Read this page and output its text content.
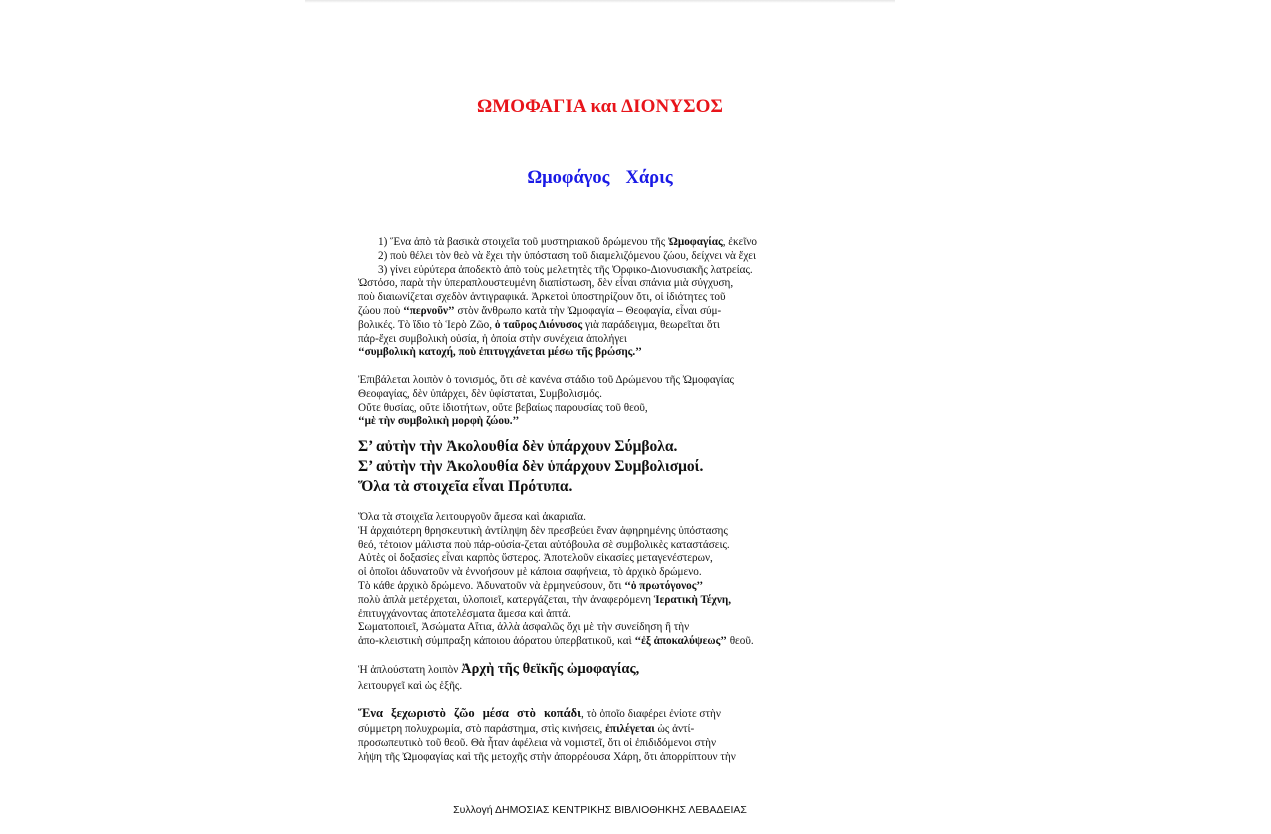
ΩΜΟΦΑΓΙΑ και ΔΙΟΝΥΣΟΣ
Ωμοφάγος Χάρις
1) Ἕνα ἀπὸ τὰ βασικὰ στοιχεῖα τοῦ μυστηριακοῦ δρώμενου τῆς Ὠμοφαγίας, ἐκεῖνο
2) ποὺ θέλει τὸν θεὸ νὰ ἔχει τὴν ὑπόσταση τοῦ διαμελιζόμενου ζώου, δείχνει νὰ ἔχει
3) γίνει εὐρύτερα ἀποδεκτὸ ἀπὸ τοὺς μελετητὲς τῆς Ὀρφικο-Διονυσιακῆς λατρείας.
Ὡστόσο, παρὰ τὴν ὑπεραπλουστευμένη διαπίστωση, δὲν εἶναι σπάνια μιὰ σύγχυση,
ποὺ διαιωνίζεται σχεδὸν ἀντιγραφικά. Ἀρκετοὶ ὑποστηρίζουν ὅτι, οἱ ἰδιότητες τοῦ
ζώου ποὺ ‘‘περνοῦν’’ στὸν ἄνθρωπο κατὰ τὴν Ὠμοφαγία – Θεοφαγία, εἶναι σύμ-
βολικές. Τὸ ἴδιο τὸ Ἱερὸ Ζῶο, ὁ ταῦρος Διόνυσος γιὰ παράδειγμα, θεωρεῖται ὅτι
πάρ-ἔχει συμβολικὴ οὐσία, ἡ ὁποία στὴν συνέχεια ἀπολήγει
‘‘συμβολικὴ κατοχή, ποὺ ἐπιτυγχάνεται μέσω τῆς βρώσης.’’
Ἐπιβάλεται λοιπὸν ὁ τονισμός, ὅτι σὲ κανένα στάδιο τοῦ Δρώμενου τῆς Ὠμοφαγίας
Θεοφαγίας, δὲν ὑπάρχει, δὲν ὑφίσταται, Συμβολισμός.
Οὔτε θυσίας, οὔτε ἰδιοτήτων, οὔτε βεβαίως παρουσίας τοῦ θεοῦ,
‘‘μὲ τὴν συμβολικὴ μορφὴ ζώου.’’
Σ’ αὐτὴν τὴν Ἀκολουθία δὲν ὑπάρχουν Σύμβολα.
Σ’ αὐτὴν τὴν Ἀκολουθία δὲν ὑπάρχουν Συμβολισμοί.
Ὅλα τὰ στοιχεῖα εἶναι Πρότυπα.
Ὅλα τὰ στοιχεῖα λειτουργοῦν ἄμεσα καὶ ἀκαριαῖα.
Ἡ ἀρχαιότερη θρησκευτικὴ ἀντίληψη δὲν πρεσβεύει ἕναν ἀφηρημένης ὑπόστασης
θεό, τέτοιον μάλιστα ποὺ πάρ-οὐσία-ζεται αὐτόβουλα σὲ συμβολικὲς καταστάσεις.
Αὐτὲς οἱ δοξασίες εἶναι καρπὸς ὕστερος. Ἀποτελοῦν εἰκασίες μεταγενέστερων,
οἱ ὁποῖοι ἀδυνατοῦν νὰ ἐννοήσουν μὲ κάποια σαφήνεια, τὸ ἀρχικὸ δρώμενο.
Τὸ κάθε ἀρχικὸ δρώμενο. Ἀδυνατοῦν νὰ ἑρμηνεύσουν, ὅτι ‘‘ὁ πρωτόγονος’’
πολὺ ἁπλὰ μετέρχεται, ὑλοποιεῖ, κατεργάζεται, τὴν ἀναφερόμενη Ἱερατικὴ Τέχνη,
ἐπιτυγχάνοντας ἀποτελέσματα ἄμεσα καὶ ἁπτά.
Σωματοποιεῖ, Ἀσώματα Αἴτια, ἀλλὰ ἀσφαλῶς ὄχι μὲ τὴν συνείδηση ἢ τὴν
ἀπο-κλειστικὴ σύμπραξη κάποιου ἀόρατου ὑπερβατικοῦ, καὶ ‘‘ἐξ ἀποκαλύψεως’’ θεοῦ.
Ἡ ἁπλούστατη λοιπὸν Ἀρχὴ τῆς θεϊκῆς ὠμοφαγίας,
λειτουργεῖ καὶ ὡς ἑξῆς.
Ἕνα ξεχωριστὸ ζῶο μέσα στὸ κοπάδι, τὸ ὁποῖο διαφέρει ἐνίοτε στὴν
σύμμετρη πολυχρωμία, στὸ παράστημα, στὶς κινήσεις, ἐπιλέγεται ὡς ἀντί-
προσωπευτικὸ τοῦ θεοῦ. Θὰ ἦταν ἀφέλεια νὰ νομιστεῖ, ὅτι οἱ ἐπιδιδόμενοι στὴν
λήψη τῆς Ὠμοφαγίας καὶ τῆς μετοχῆς στὴν ἀπορρέουσα Χάρη, ὅτι ἀπορρίπτουν τὴν
Συλλογή ΔΗΜΟΣΙΑΣ ΚΕΝΤΡΙΚΗΣ ΒΙΒΛΙΟΘΗΚΗΣ ΛΕΒΑΔΕΙΑΣ
